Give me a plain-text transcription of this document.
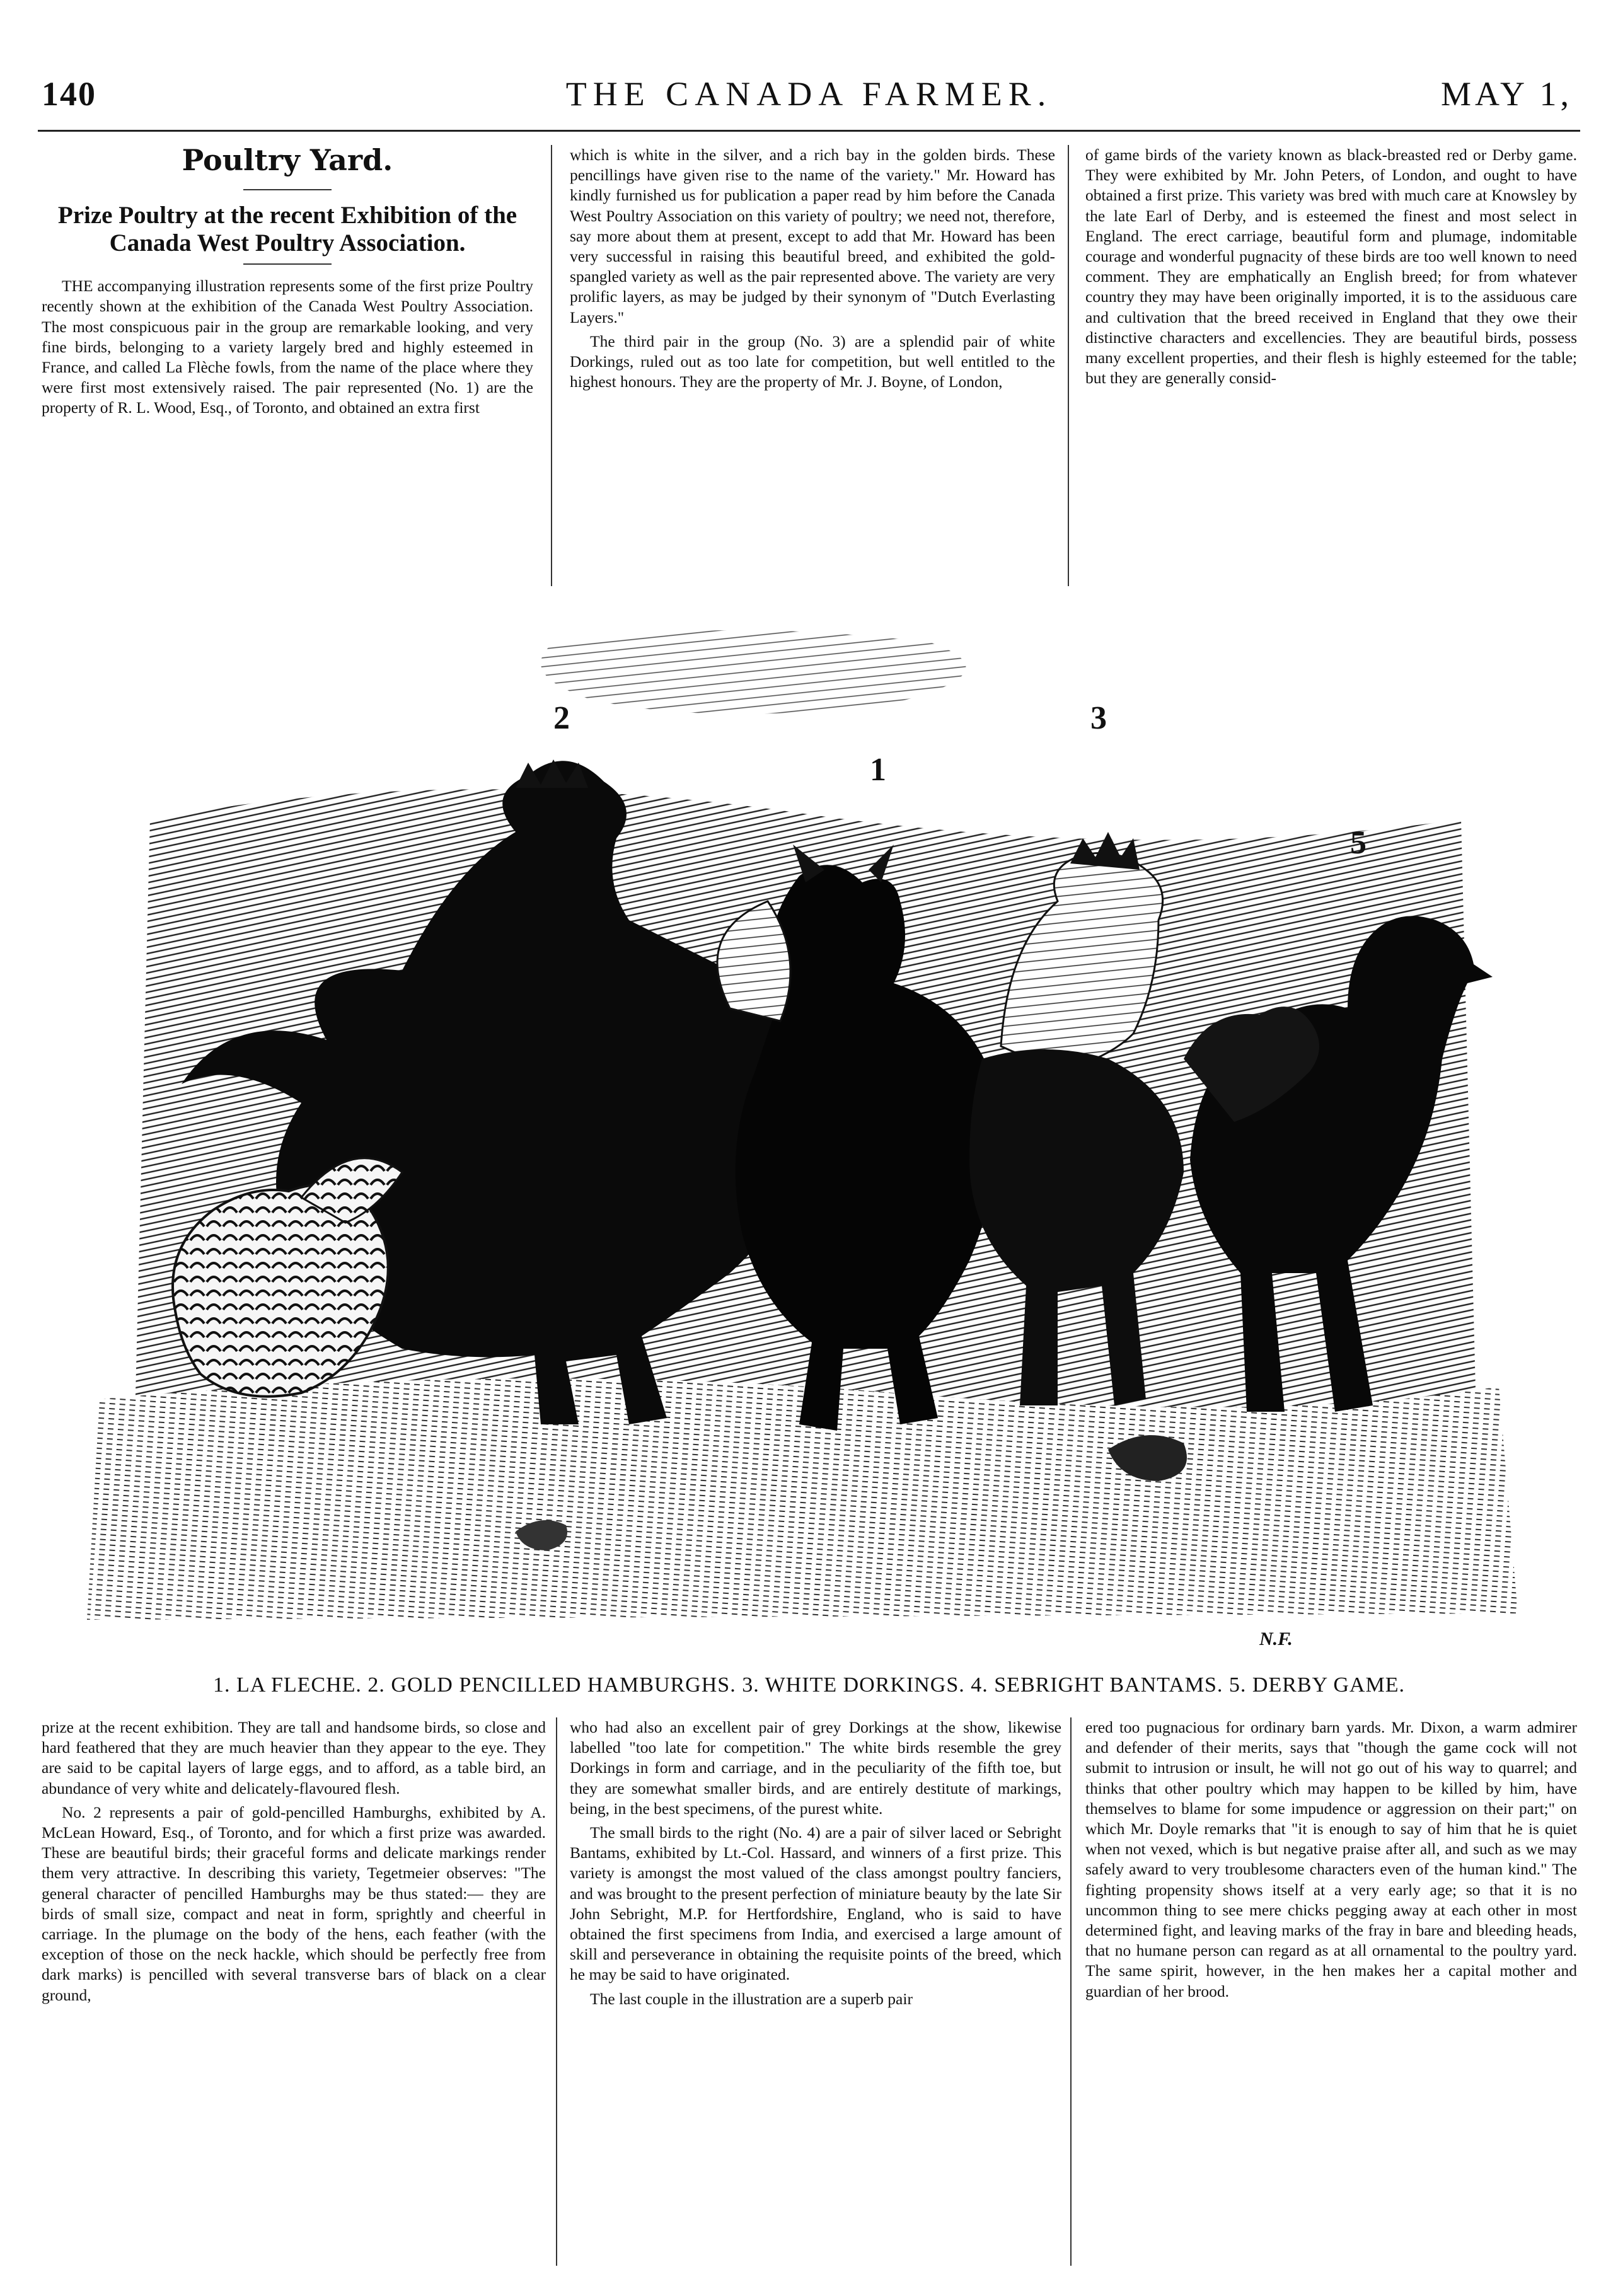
140	THE CANADA FARMER.	MAY 1,
Poultry Yard.
Prize Poultry at the recent Exhibition of the Canada West Poultry Association.

THE accompanying illustration represents some of the first prize Poultry recently shown at the exhibition of the Canada West Poultry Association. The most conspicuous pair in the group are remarkable looking, and very fine birds, belonging to a variety largely bred and highly esteemed in France, and called La Flèche fowls, from the name of the place where they were first most extensively raised. The pair represented (No. 1) are the property of R. L. Wood, Esq., of Toronto, and obtained an extra first

which is white in the silver, and a rich bay in the golden birds. These pencillings have given rise to the name of the variety." Mr. Howard has kindly furnished us for publication a paper read by him before the Canada West Poultry Association on this variety of poultry; we need not, therefore, say more about them at present, except to add that Mr. Howard has been very successful in raising this beautiful breed, and exhibited the gold-spangled variety as well as the pair represented above. The variety are very prolific layers, as may be judged by their synonym of "Dutch Everlasting Layers."

The third pair in the group (No. 3) are a splendid pair of white Dorkings, ruled out as too late for competition, but well entitled to the highest honours. They are the property of Mr. J. Boyne, of London,

of game birds of the variety known as black-breasted red or Derby game. They were exhibited by Mr. John Peters, of London, and ought to have obtained a first prize. This variety was bred with much care at Knowsley by the late Earl of Derby, and is esteemed the finest and most select in England. The erect carriage, beautiful form and plumage, indomitable courage and wonderful pugnacity of these birds are too well known to need comment. They are emphatically an English breed; for from whatever country they may have been originally imported, it is to the assiduous care and cultivation that the breed received in England that they owe their distinctive characters and excellencies. They are beautiful birds, possess many excellent properties, and their flesh is highly esteemed for the table; but they are generally consid-

2
1
3
5
N.F.
1. LA FLECHE. 2. GOLD PENCILLED HAMBURGHS. 3. WHITE DORKINGS. 4. SEBRIGHT BANTAMS. 5. DERBY GAME.

prize at the recent exhibition. They are tall and handsome birds, so close and hard feathered that they are much heavier than they appear to the eye. They are said to be capital layers of large eggs, and to afford, as a table bird, an abundance of very white and delicately-flavoured flesh.

No. 2 represents a pair of gold-pencilled Hamburghs, exhibited by A. McLean Howard, Esq., of Toronto, and for which a first prize was awarded. These are beautiful birds; their graceful forms and delicate markings render them very attractive. In describing this variety, Tegetmeier observes: "The general character of pencilled Hamburghs may be thus stated:— they are birds of small size, compact and neat in form, sprightly and cheerful in carriage. In the plumage on the body of the hens, each feather (with the exception of those on the neck hackle, which should be perfectly free from dark marks) is pencilled with several transverse bars of black on a clear ground,

who had also an excellent pair of grey Dorkings at the show, likewise labelled "too late for competition." The white birds resemble the grey Dorkings in form and carriage, and in the peculiarity of the fifth toe, but they are somewhat smaller birds, and are entirely destitute of markings, being, in the best specimens, of the purest white.

The small birds to the right (No. 4) are a pair of silver laced or Sebright Bantams, exhibited by Lt.-Col. Hassard, and winners of a first prize. This variety is amongst the most valued of the class amongst poultry fanciers, and was brought to the present perfection of miniature beauty by the late Sir John Sebright, M.P. for Hertfordshire, England, who is said to have obtained the first specimens from India, and exercised a large amount of skill and perseverance in obtaining the requisite points of the breed, which he may be said to have originated.

The last couple in the illustration are a superb pair

ered too pugnacious for ordinary barn yards. Mr. Dixon, a warm admirer and defender of their merits, says that "though the game cock will not submit to intrusion or insult, he will not go out of his way to quarrel; and thinks that other poultry which may happen to be killed by him, have themselves to blame for some impudence or aggression on their part;" on which Mr. Doyle remarks that "it is enough to say of him that he is quiet when not vexed, which is but negative praise after all, and such as we may safely award to very troublesome characters even of the human kind." The fighting propensity shows itself at a very early age; so that it is no uncommon thing to see mere chicks pegging away at each other in most determined fight, and leaving marks of the fray in bare and bleeding heads, that no humane person can regard as at all ornamental to the poultry yard. The same spirit, however, in the hen makes her a capital mother and guardian of her brood.
